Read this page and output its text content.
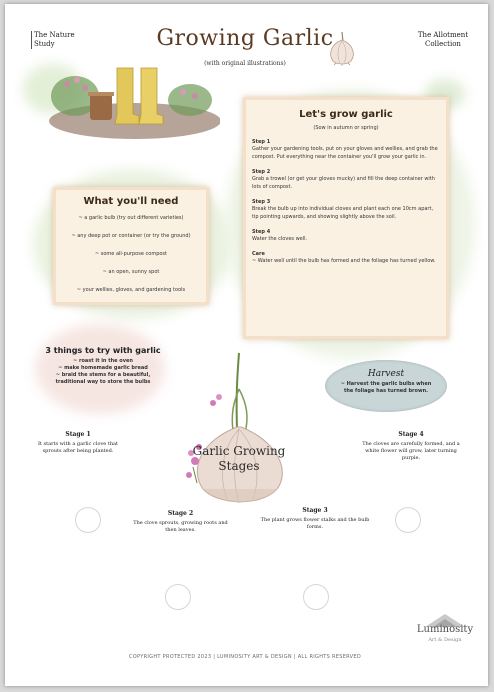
The Nature
Study	Growing Garlic
(with original illustrations)
The Allotment
Collection
What you'll need
~ a garlic bulb (try out different varieties)
~ any deep pot or container (or try the ground)
~ some all-purpose compost
~ an open, sunny spot
~ your wellies, gloves, and gardening tools
Let's grow garlic
(Sow in autumn or spring)
Step 1
Gather your gardening tools, put on your gloves and wellies, and grab the compost. Put everything near the container you'll grow your garlic in.
Step 2
Grab a trowel (or get your gloves mucky) and fill the deep container with lots of compost.
Step 3
Break the bulb up into individual cloves and plant each one 10cm apart, tip pointing upwards, and showing slightly above the soil.
Step 4
Water the cloves well.
Care
~ Water well until the bulb has formed and the foliage has turned yellow.
3 things to try with garlic
~ roast it in the oven
~ make homemade garlic bread
~ braid the stems for a beautiful, traditional way to store the bulbs
Harvest
~ Harvest the garlic bulbs when the foliage has turned brown.
Garlic Growing
Stages
Stage 1
It starts with a garlic clove that sprouts after being planted.
Stage 2
The clove sprouts, growing roots and then leaves.
Stage 3
The plant grows flower stalks and the bulb forms.
Stage 4
The cloves are carefully formed, and a white flower will grow, later turning purple.
Luminosity
Art & Design
COPYRIGHT PROTECTED 2023 | LUMINOSITY ART & DESIGN | ALL RIGHTS RESERVED
